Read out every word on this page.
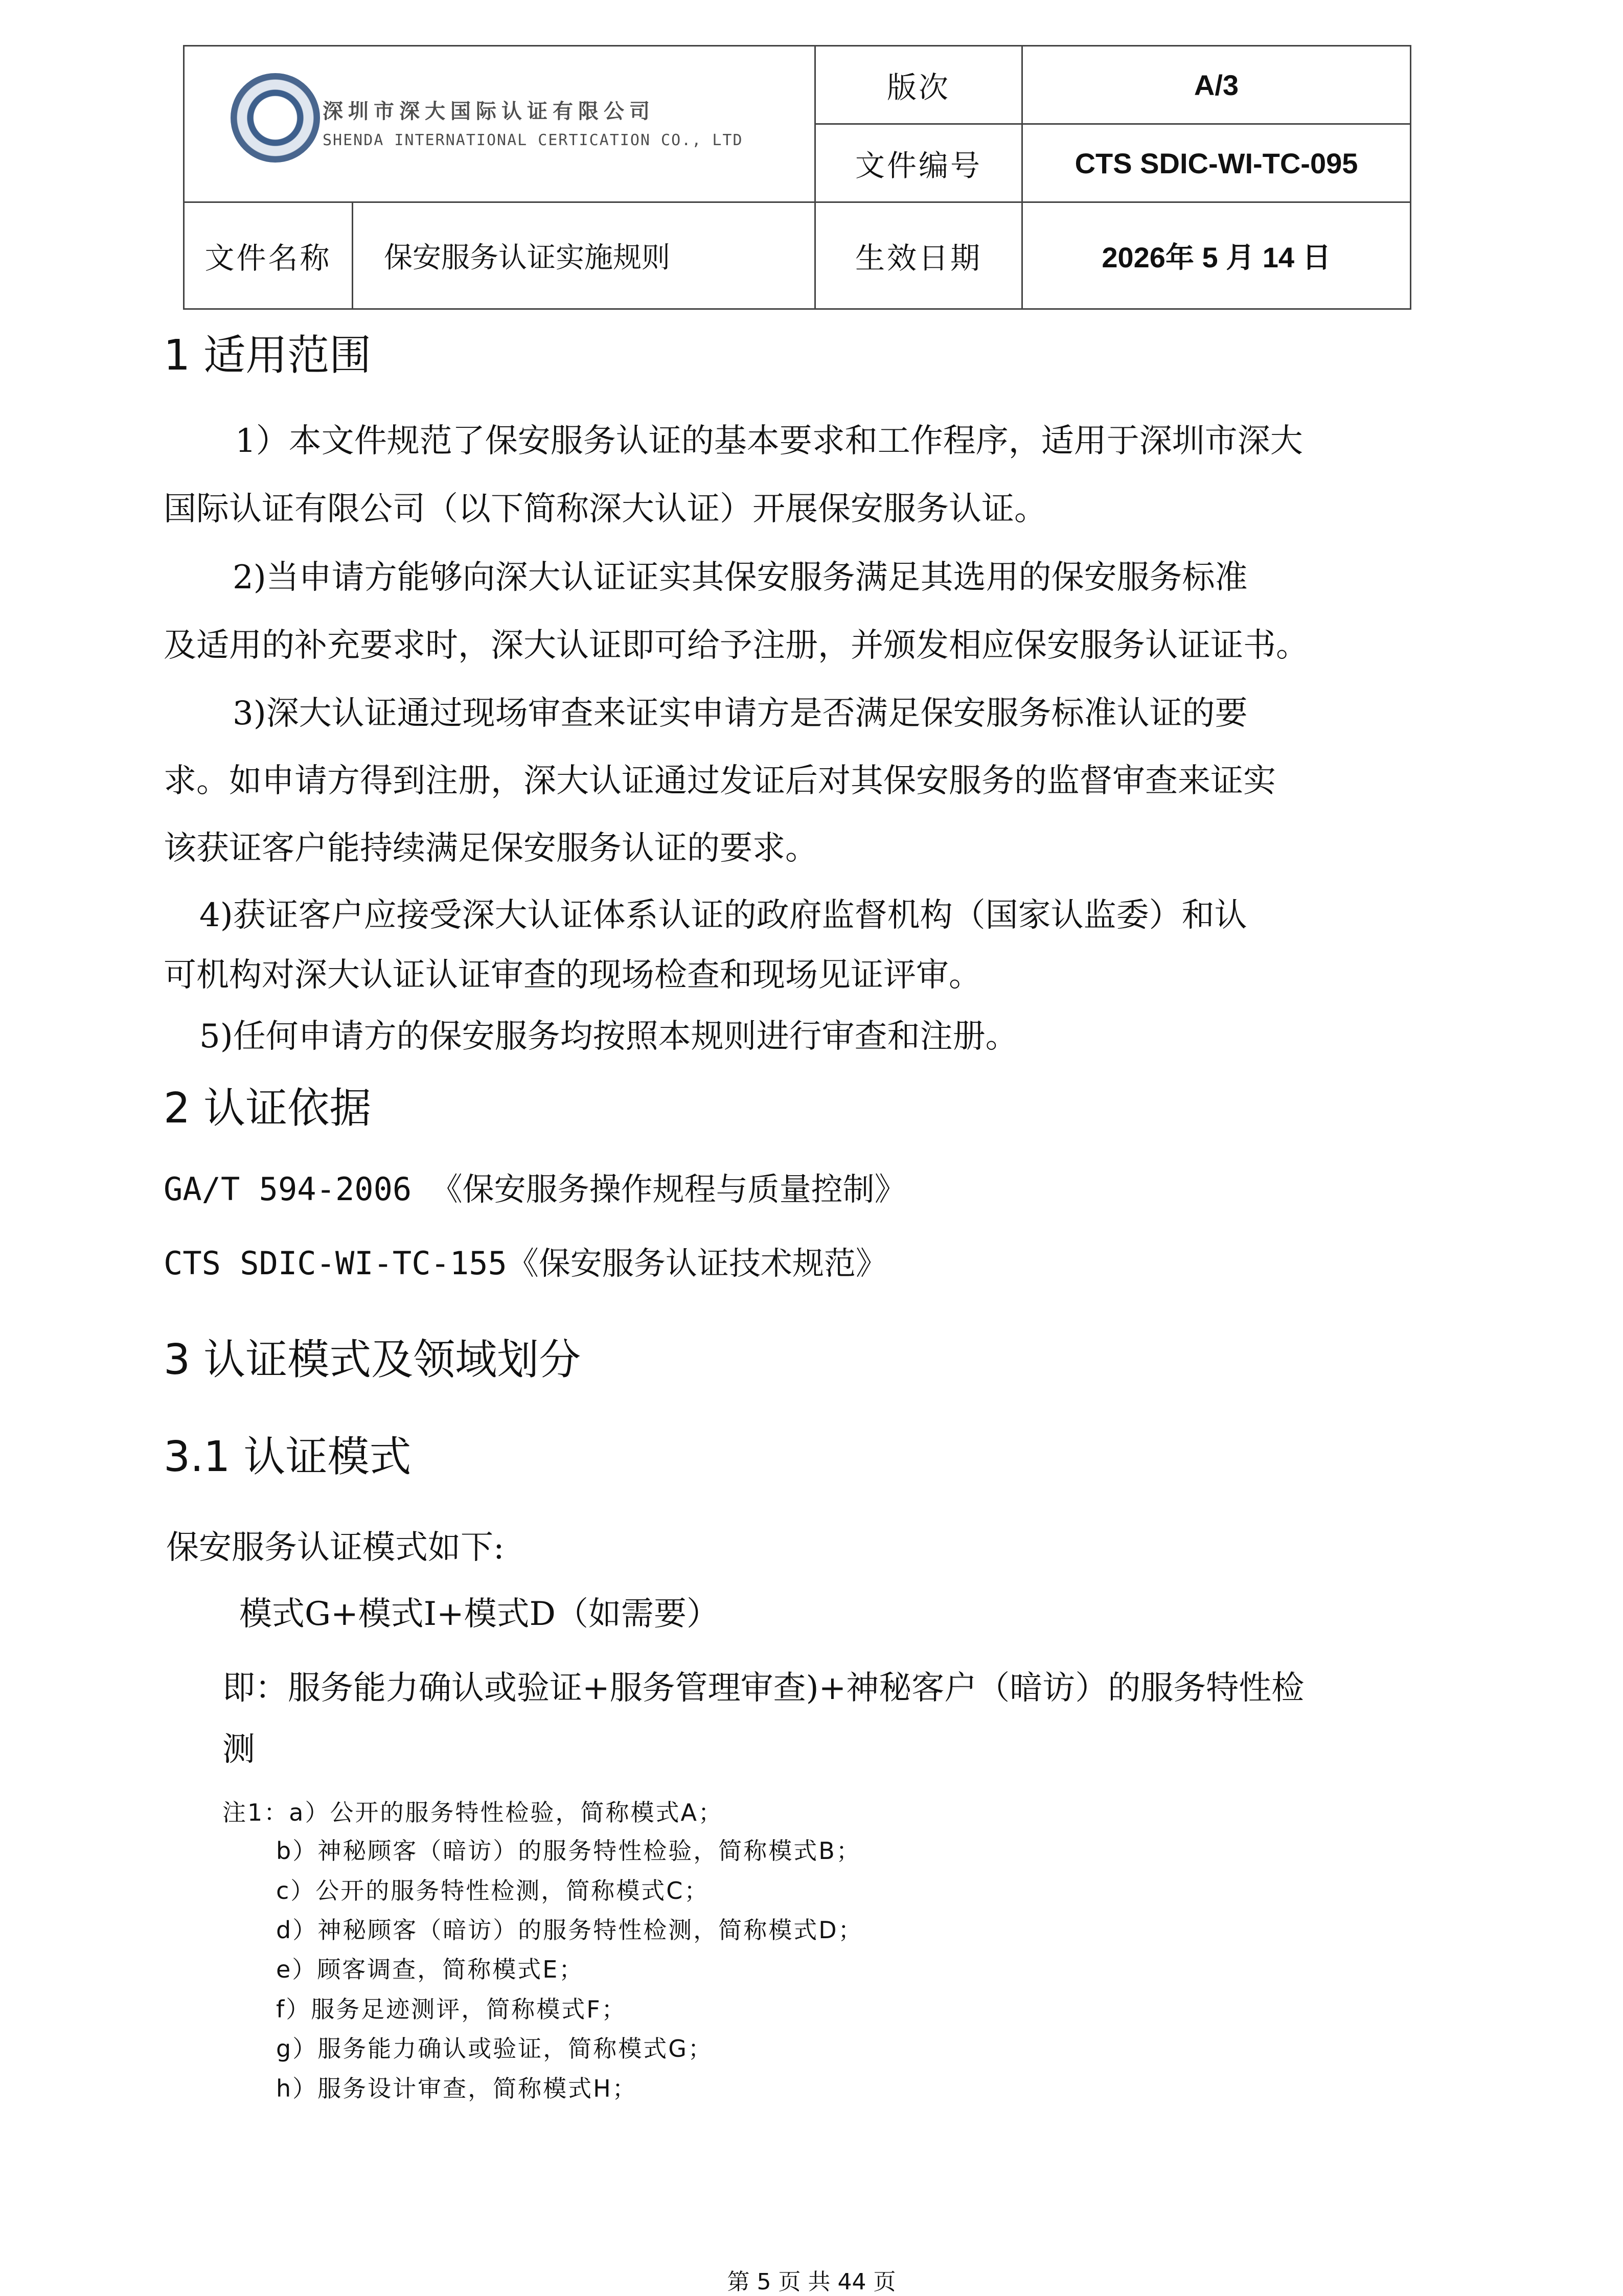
深圳市深大国际认证有限公司
SHENDA INTERNATIONAL CERTICATION CO., LTD		版次	A/3
		文件编号	CTS SDIC-WI-TC-095
文件名称	保安服务认证实施规则	生效日期	2026年 5 月 14 日
1 适用范围
1）本文件规范了保安服务认证的基本要求和工作程序，适用于深圳市深大
国际认证有限公司（以下简称深大认证）开展保安服务认证。
2)当申请方能够向深大认证证实其保安服务满足其选用的保安服务标准
及适用的补充要求时，深大认证即可给予注册，并颁发相应保安服务认证证书。
3)深大认证通过现场审查来证实申请方是否满足保安服务标准认证的要
求。如申请方得到注册，深大认证通过发证后对其保安服务的监督审查来证实
该获证客户能持续满足保安服务认证的要求。
4)获证客户应接受深大认证体系认证的政府监督机构（国家认监委）和认
可机构对深大认证认证审查的现场检查和现场见证评审。
5)任何申请方的保安服务均按照本规则进行审查和注册。
2 认证依据
GA/T 594-2006 《保安服务操作规程与质量控制》
CTS SDIC-WI-TC-155《保安服务认证技术规范》
3 认证模式及领域划分
3.1 认证模式
保安服务认证模式如下:
模式G+模式I+模式D（如需要）
即：服务能力确认或验证+服务管理审查)+神秘客户（暗访）的服务特性检
测
注1：a）公开的服务特性检验，简称模式A；
b）神秘顾客（暗访）的服务特性检验，简称模式B；
c）公开的服务特性检测，简称模式C；
d）神秘顾客（暗访）的服务特性检测，简称模式D；
e）顾客调查，简称模式E；
f）服务足迹测评，简称模式F；
g）服务能力确认或验证，简称模式G；
h）服务设计审查，简称模式H；
第 5 页 共 44 页
